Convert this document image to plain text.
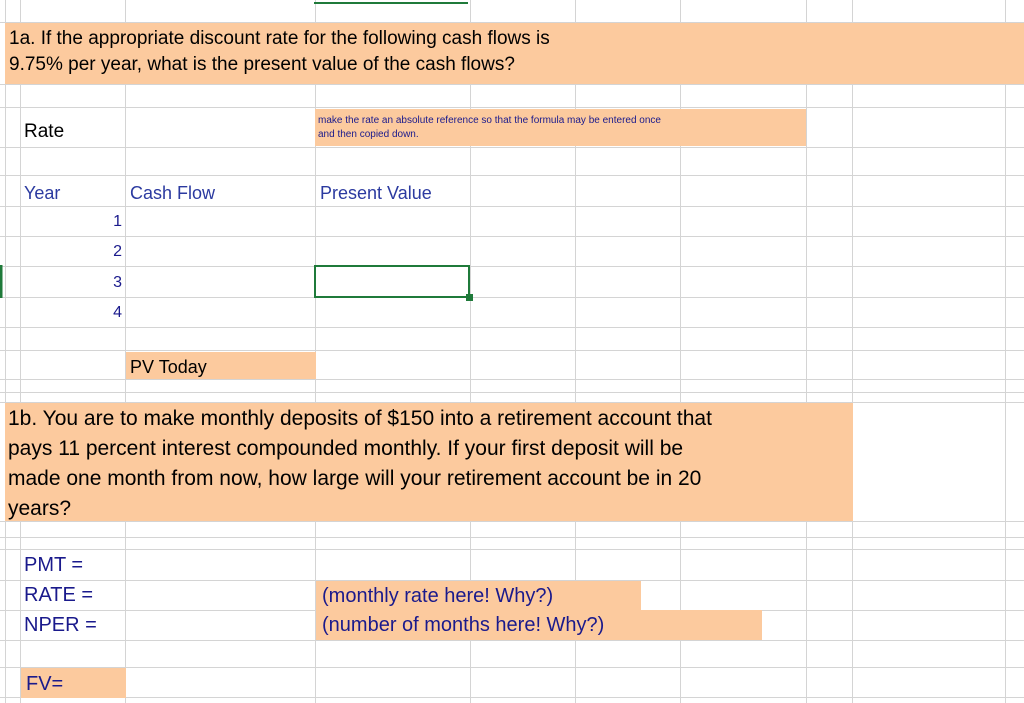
1a. If the appropriate discount rate for the following cash flows is
9.75% per year, what is the present value of the cash flows?
Rate
make the rate an absolute reference so that the formula may be entered once
and then copied down.
Year	Cash Flow	Present Value
1
2
3
4
PV Today
1b. You are to make monthly deposits of $150 into a retirement account that
pays 11 percent interest compounded monthly. If your first deposit will be
made one month from now, how large will your retirement account be in 20
years?
PMT =
RATE =
NPER =
(monthly rate here! Why?)
(number of months here! Why?)
FV=
